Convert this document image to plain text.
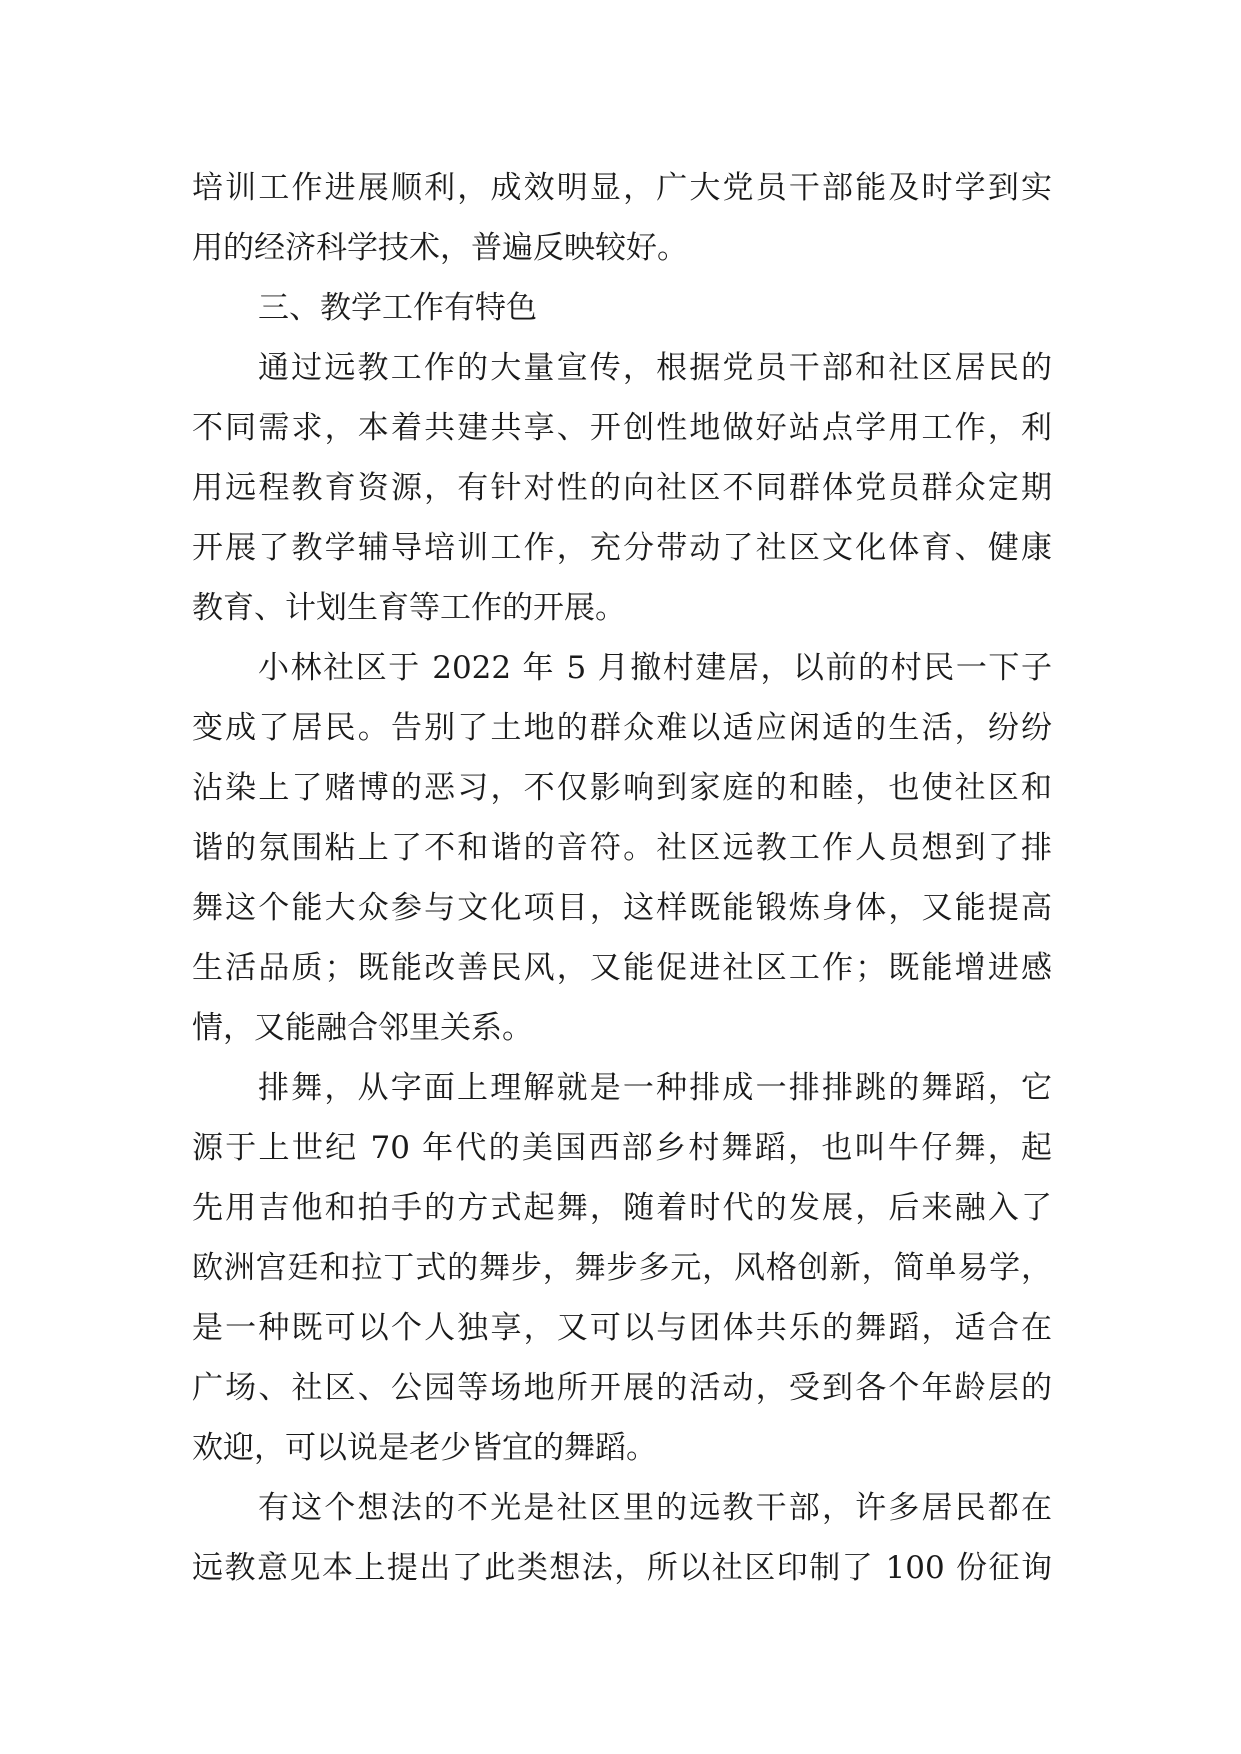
培训工作进展顺利，成效明显，广大党员干部能及时学到实
用的经济科学技术，普遍反映较好。
三、教学工作有特色
通过远教工作的大量宣传，根据党员干部和社区居民的
不同需求，本着共建共享、开创性地做好站点学用工作，利
用远程教育资源，有针对性的向社区不同群体党员群众定期
开展了教学辅导培训工作，充分带动了社区文化体育、健康
教育、计划生育等工作的开展。
小林社区于 2022 年 5 月撤村建居，以前的村民一下子
变成了居民。告别了土地的群众难以适应闲适的生活，纷纷
沾染上了赌博的恶习，不仅影响到家庭的和睦，也使社区和
谐的氛围粘上了不和谐的音符。社区远教工作人员想到了排
舞这个能大众参与文化项目，这样既能锻炼身体，又能提高
生活品质；既能改善民风，又能促进社区工作；既能增进感
情，又能融合邻里关系。
排舞，从字面上理解就是一种排成一排排跳的舞蹈，它
源于上世纪 70 年代的美国西部乡村舞蹈，也叫牛仔舞，起
先用吉他和拍手的方式起舞，随着时代的发展，后来融入了
欧洲宫廷和拉丁式的舞步，舞步多元，风格创新，简单易学，
是一种既可以个人独享，又可以与团体共乐的舞蹈，适合在
广场、社区、公园等场地所开展的活动，受到各个年龄层的
欢迎，可以说是老少皆宜的舞蹈。
有这个想法的不光是社区里的远教干部，许多居民都在
远教意见本上提出了此类想法，所以社区印制了 100 份征询
